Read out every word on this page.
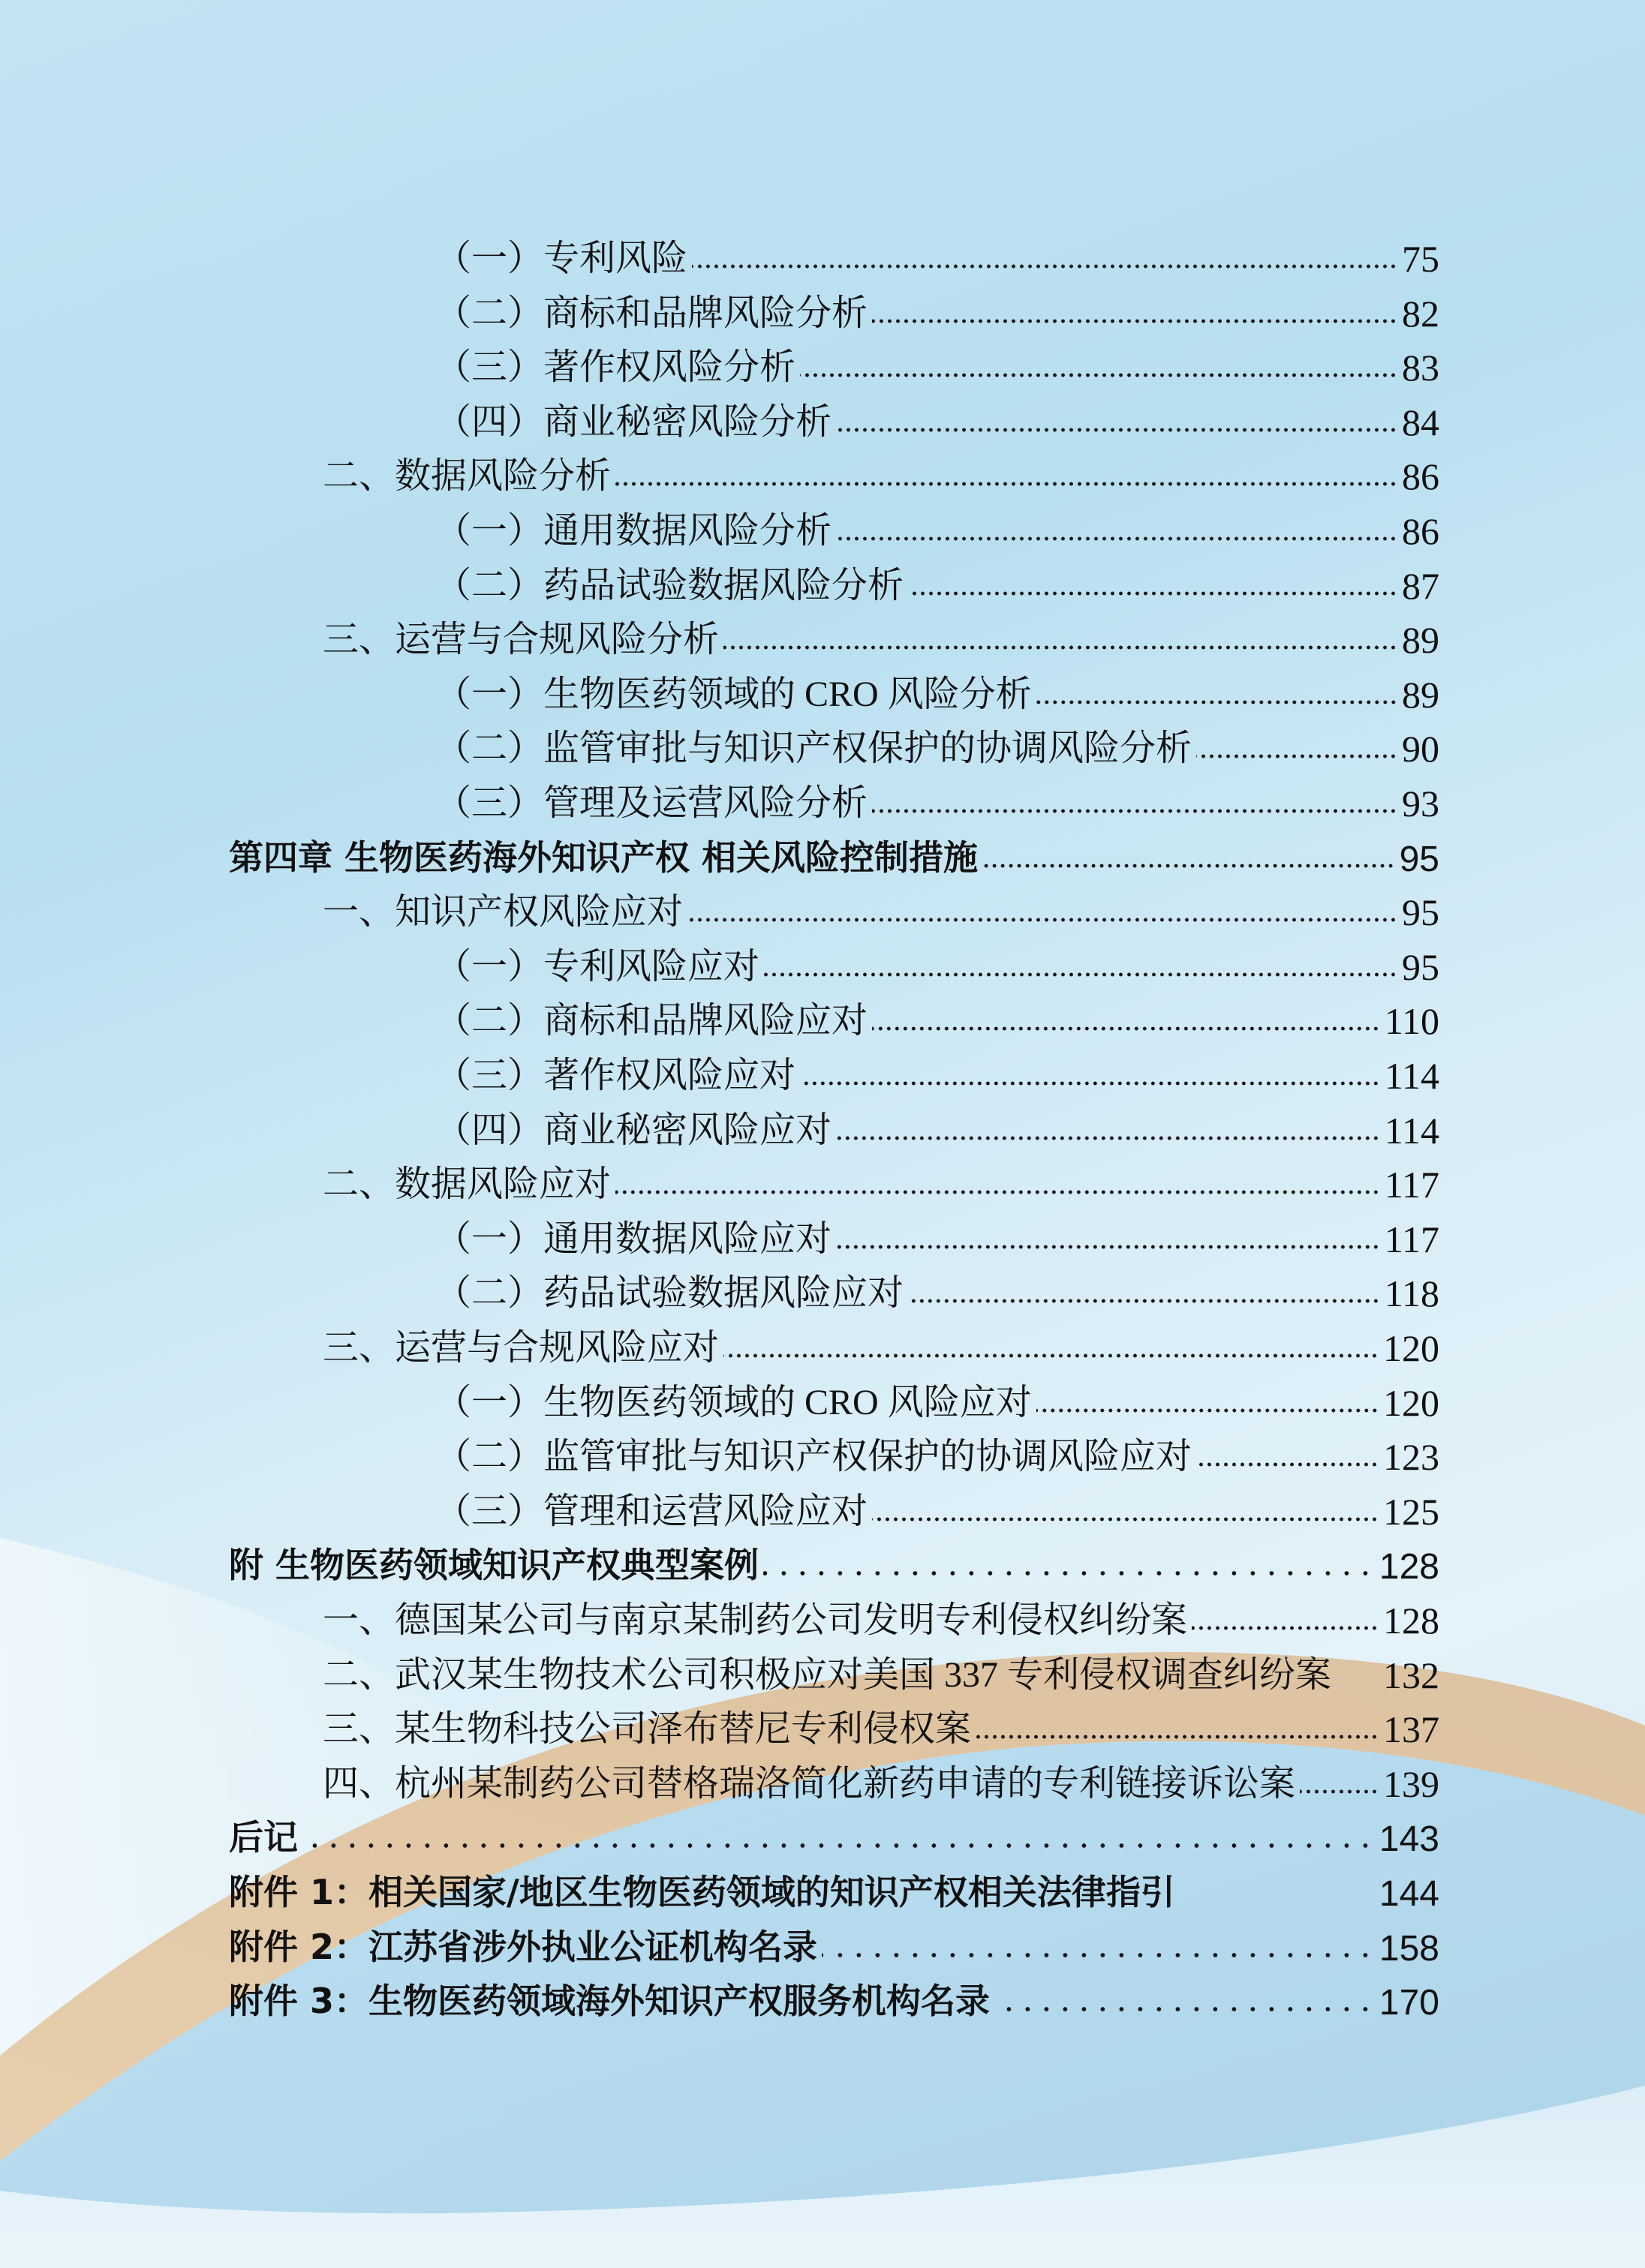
（一）专利风险	75
（二）商标和品牌风险分析	82
（三）著作权风险分析	83
（四）商业秘密风险分析	84
二、数据风险分析	86
（一）通用数据风险分析	86
（二）药品试验数据风险分析	87
三、运营与合规风险分析	89
（一）生物医药领域的 CRO 风险分析	89
（二）监管审批与知识产权保护的协调风险分析	90
（三）管理及运营风险分析	93
第四章 生物医药海外知识产权 相关风险控制措施	95
一、知识产权风险应对	95
（一）专利风险应对	95
（二）商标和品牌风险应对	110
（三）著作权风险应对	114
（四）商业秘密风险应对	114
二、数据风险应对	117
（一）通用数据风险应对	117
（二）药品试验数据风险应对	118
三、运营与合规风险应对	120
（一）生物医药领域的 CRO 风险应对	120
（二）监管审批与知识产权保护的协调风险应对	123
（三）管理和运营风险应对	125
附 生物医药领域知识产权典型案例	128
一、德国某公司与南京某制药公司发明专利侵权纠纷案	128
二、武汉某生物技术公司积极应对美国 337 专利侵权调查纠纷案 132
三、某生物科技公司泽布替尼专利侵权案	137
四、杭州某制药公司替格瑞洛简化新药申请的专利链接诉讼案 139
后记	143
附件 1：相关国家/地区生物医药领域的知识产权相关法律指引	144
附件 2：江苏省涉外执业公证机构名录	158
附件 3：生物医药领域海外知识产权服务机构名录	170
